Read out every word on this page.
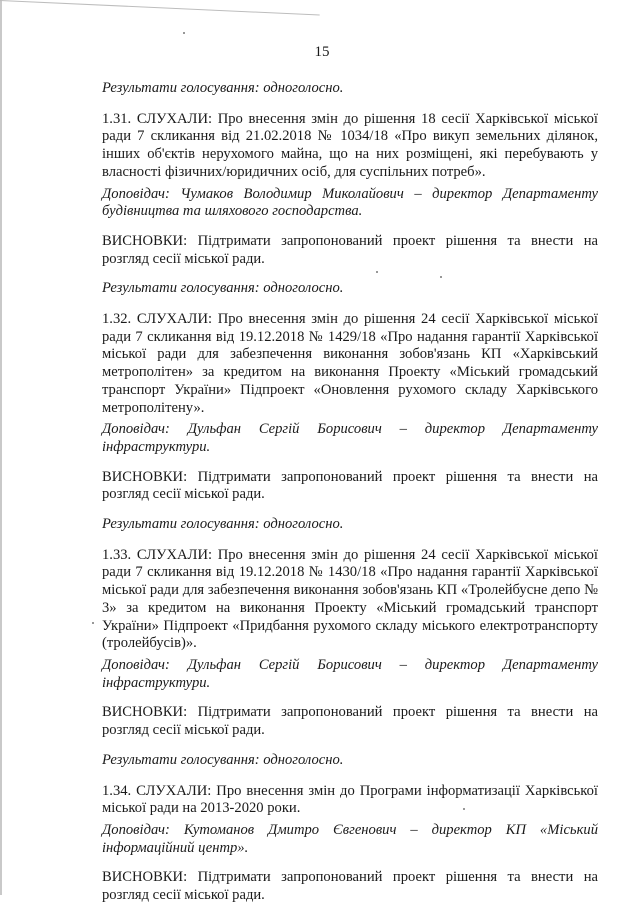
15

Результати голосування: одноголосно.

1.31. СЛУХАЛИ: Про внесення змін до рішення 18 сесії Харківської міської ради 7 скликання від 21.02.2018 № 1034/18 «Про викуп земельних ділянок, інших об'єктів нерухомого майна, що на них розміщені, які перебувають у власності фізичних/юридичних осіб, для суспільних потреб».

Доповідач: Чумаков Володимир Миколайович – директор Департаменту будівництва та шляхового господарства.

ВИСНОВКИ: Підтримати запропонований проект рішення та внести на розгляд сесії міської ради.

Результати голосування: одноголосно.

1.32. СЛУХАЛИ: Про внесення змін до рішення 24 сесії Харківської міської ради 7 скликання від 19.12.2018 № 1429/18 «Про надання гарантії Харківської міської ради для забезпечення виконання зобов'язань КП «Харківський метрополітен» за кредитом на виконання Проекту «Міський громадський транспорт України» Підпроект «Оновлення рухомого складу Харківського метрополітену».

Доповідач: Дульфан Сергій Борисович – директор Департаменту інфраструктури.

ВИСНОВКИ: Підтримати запропонований проект рішення та внести на розгляд сесії міської ради.

Результати голосування: одноголосно.

1.33. СЛУХАЛИ: Про внесення змін до рішення 24 сесії Харківської міської ради 7 скликання від 19.12.2018 № 1430/18 «Про надання гарантії Харківської міської ради для забезпечення виконання зобов'язань КП «Тролейбусне депо № 3» за кредитом на виконання Проекту «Міський громадський транспорт України» Підпроект «Придбання рухомого складу міського електротранспорту (тролейбусів)».

Доповідач: Дульфан Сергій Борисович – директор Департаменту інфраструктури.

ВИСНОВКИ: Підтримати запропонований проект рішення та внести на розгляд сесії міської ради.

Результати голосування: одноголосно.

1.34. СЛУХАЛИ: Про внесення змін до Програми інформатизації Харківської міської ради на 2013-2020 роки.

Доповідач: Кутоманов Дмитро Євгенович – директор КП «Міський інформаційний центр».

ВИСНОВКИ: Підтримати запропонований проект рішення та внести на розгляд сесії міської ради.
